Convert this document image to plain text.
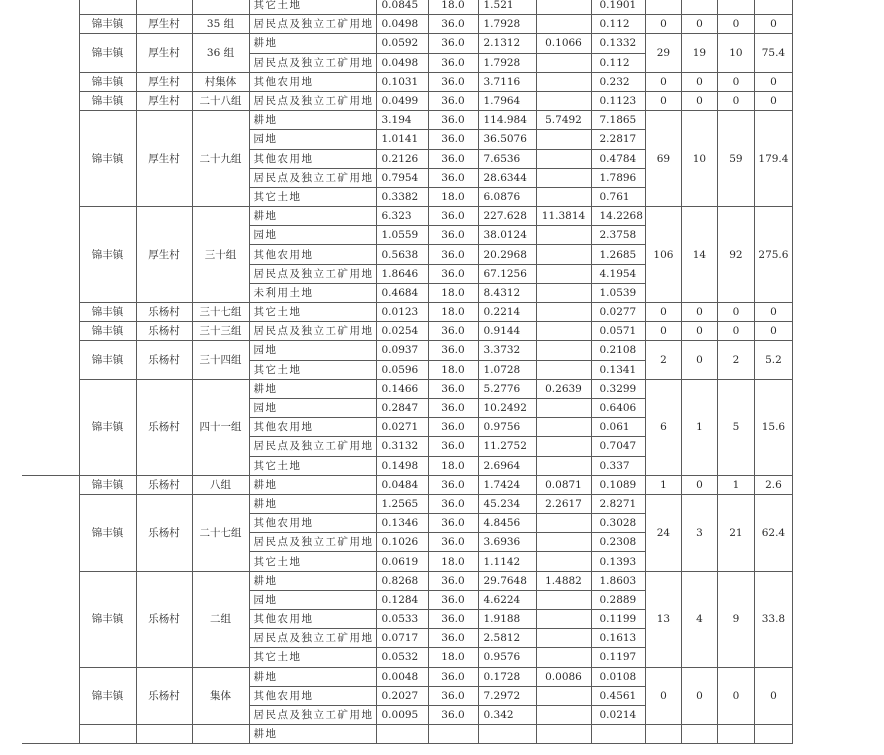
				其它土地	0.0845	18.0	1.521		0.1901					
	锦丰镇	厚生村	35 组	居民点及独立工矿用地	0.0498	36.0	1.7928		0.112	0	0	0	0	
	锦丰镇	厚生村	36 组	耕地	0.0592	36.0	2.1312	0.1066	0.1332	29	19	10	75.4	
				居民点及独立工矿用地	0.0498	36.0	1.7928		0.112					
	锦丰镇	厚生村	村集体	其他农用地	0.1031	36.0	3.7116		0.232	0	0	0	0	
	锦丰镇	厚生村	二十八组	居民点及独立工矿用地	0.0499	36.0	1.7964		0.1123	0	0	0	0	
	锦丰镇	厚生村	二十九组	耕地	3.194	36.0	114.984	5.7492	7.1865	69	10	59	179.4	
				园地	1.0141	36.0	36.5076		2.2817					
				其他农用地	0.2126	36.0	7.6536		0.4784					
				居民点及独立工矿用地	0.7954	36.0	28.6344		1.7896					
				其它土地	0.3382	18.0	6.0876		0.761					
	锦丰镇	厚生村	三十组	耕地	6.323	36.0	227.628	11.3814	14.2268	106	14	92	275.6	
				园地	1.0559	36.0	38.0124		2.3758					
				其他农用地	0.5638	36.0	20.2968		1.2685					
				居民点及独立工矿用地	1.8646	36.0	67.1256		4.1954					
				未利用土地	0.4684	18.0	8.4312		1.0539					
	锦丰镇	乐杨村	三十七组	其它土地	0.0123	18.0	0.2214		0.0277	0	0	0	0	
	锦丰镇	乐杨村	三十三组	居民点及独立工矿用地	0.0254	36.0	0.9144		0.0571	0	0	0	0	
	锦丰镇	乐杨村	三十四组	园地	0.0937	36.0	3.3732		0.2108	2	0	2	5.2	
				其它土地	0.0596	18.0	1.0728		0.1341					
	锦丰镇	乐杨村	四十一组	耕地	0.1466	36.0	5.2776	0.2639	0.3299	6	1	5	15.6	
				园地	0.2847	36.0	10.2492		0.6406					
				其他农用地	0.0271	36.0	0.9756		0.061					
				居民点及独立工矿用地	0.3132	36.0	11.2752		0.7047					
				其它土地	0.1498	18.0	2.6964		0.337					
	锦丰镇	乐杨村	八组	耕地	0.0484	36.0	1.7424	0.0871	0.1089	1	0	1	2.6	
	锦丰镇	乐杨村	二十七组	耕地	1.2565	36.0	45.234	2.2617	2.8271	24	3	21	62.4	
				其他农用地	0.1346	36.0	4.8456		0.3028					
				居民点及独立工矿用地	0.1026	36.0	3.6936		0.2308					
				其它土地	0.0619	18.0	1.1142		0.1393					
	锦丰镇	乐杨村	二组	耕地	0.8268	36.0	29.7648	1.4882	1.8603	13	4	9	33.8	
				园地	0.1284	36.0	4.6224		0.2889					
				其他农用地	0.0533	36.0	1.9188		0.1199					
				居民点及独立工矿用地	0.0717	36.0	2.5812		0.1613					
				其它土地	0.0532	18.0	0.9576		0.1197					
	锦丰镇	乐杨村	集体	耕地	0.0048	36.0	0.1728	0.0086	0.0108	0	0	0	0	
				其他农用地	0.2027	36.0	7.2972		0.4561					
				居民点及独立工矿用地	0.0095	36.0	0.342		0.0214					
				耕地										
